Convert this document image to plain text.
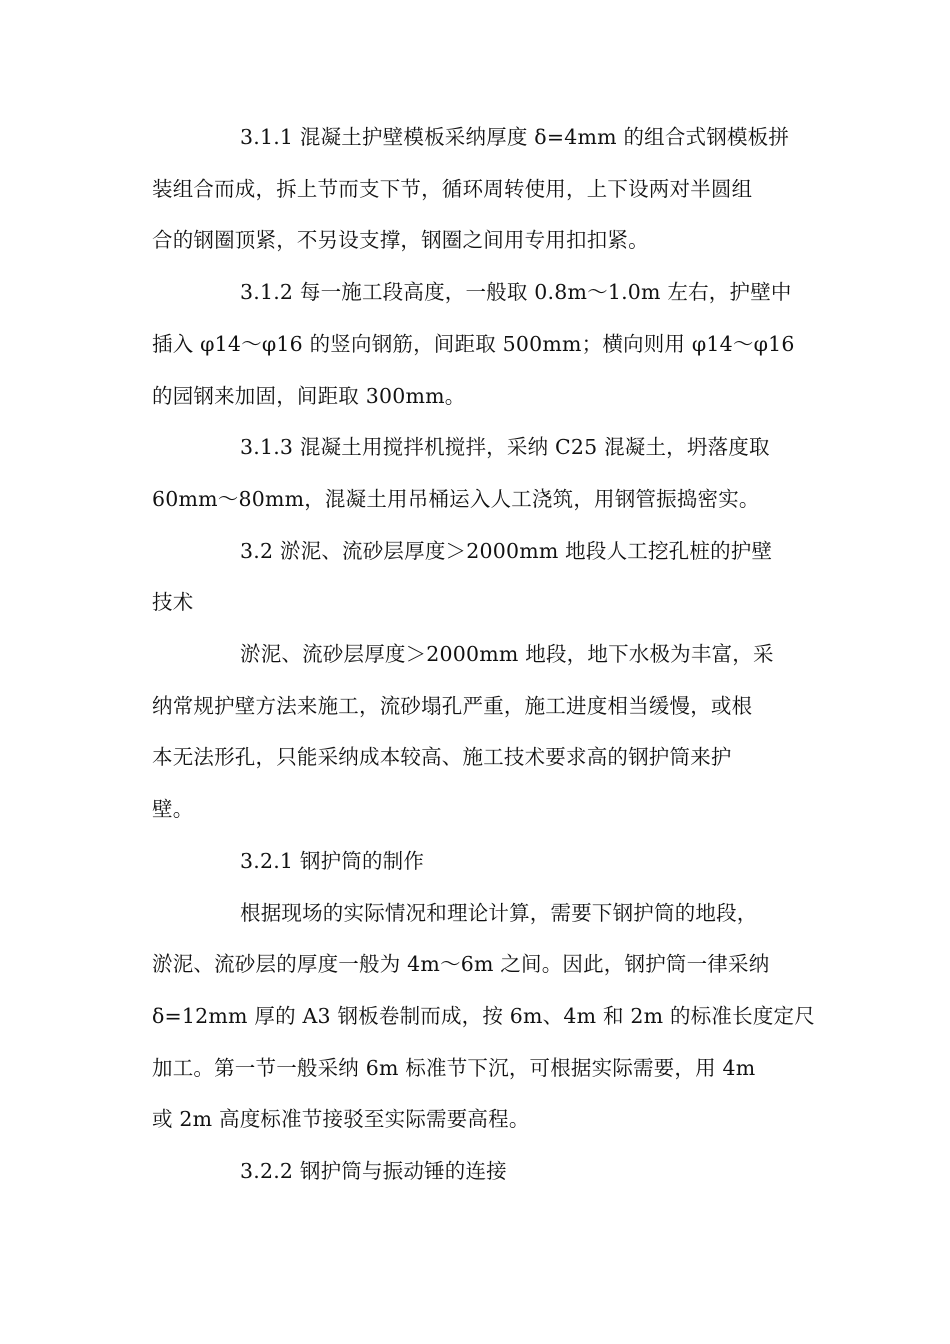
3.1.1 混凝土护壁模板采纳厚度 δ=4mm 的组合式钢模板拼
装组合而成，拆上节而支下节，循环周转使用，上下设两对半圆组
合的钢圈顶紧，不另设支撑，钢圈之间用专用扣扣紧。
3.1.2 每一施工段高度，一般取 0.8m～1.0m 左右，护壁中
插入 φ14～φ16 的竖向钢筋，间距取 500mm；横向则用 φ14～φ16
的园钢来加固，间距取 300mm。
3.1.3 混凝土用搅拌机搅拌，采纳 C25 混凝土，坍落度取
60mm～80mm，混凝土用吊桶运入人工浇筑，用钢管振捣密实。
3.2 淤泥、流砂层厚度＞2000mm 地段人工挖孔桩的护壁
技术
淤泥、流砂层厚度＞2000mm 地段，地下水极为丰富，采
纳常规护壁方法来施工，流砂塌孔严重，施工进度相当缓慢，或根
本无法形孔，只能采纳成本较高、施工技术要求高的钢护筒来护
壁。
3.2.1 钢护筒的制作
根据现场的实际情况和理论计算，需要下钢护筒的地段，
淤泥、流砂层的厚度一般为 4m～6m 之间。因此，钢护筒一律采纳
δ=12mm 厚的 A3 钢板卷制而成，按 6m、4m 和 2m 的标准长度定尺
加工。第一节一般采纳 6m 标准节下沉，可根据实际需要，用 4m
或 2m 高度标准节接驳至实际需要高程。
3.2.2 钢护筒与振动锤的连接
